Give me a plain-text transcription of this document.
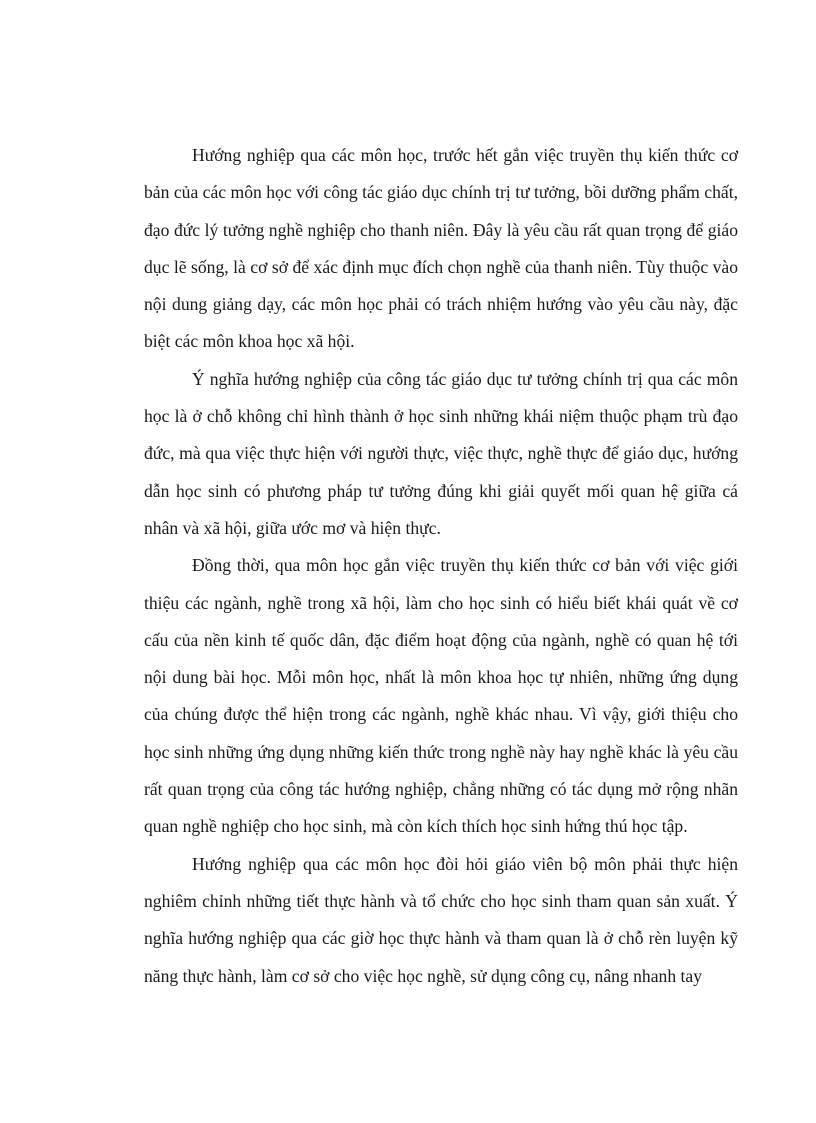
Hướng nghiệp qua các môn học, trước hết gắn việc truyền thụ kiến thức cơ bản của các môn học với công tác giáo dục chính trị tư tưởng, bồi dưỡng phẩm chất, đạo đức lý tưởng nghề nghiệp cho thanh niên. Đây là yêu cầu rất quan trọng để giáo dục lẽ sống, là cơ sở để xác định mục đích chọn nghề của thanh niên. Tùy thuộc vào nội dung giảng dạy, các môn học phải có trách nhiệm hướng vào yêu cầu này, đặc biệt các môn khoa học xã hội.

Ý nghĩa hướng nghiệp của công tác giáo dục tư tưởng chính trị qua các môn học là ở chỗ không chỉ hình thành ở học sinh những khái niệm thuộc phạm trù đạo đức, mà qua việc thực hiện với người thực, việc thực, nghề thực để giáo dục, hướng dẫn học sinh có phương pháp tư tưởng đúng khi giải quyết mối quan hệ giữa cá nhân và xã hội, giữa ước mơ và hiện thực.

Đồng thời, qua môn học gắn việc truyền thụ kiến thức cơ bản với việc giới thiệu các ngành, nghề trong xã hội, làm cho học sinh có hiểu biết khái quát về cơ cấu của nền kinh tế quốc dân, đặc điểm hoạt động của ngành, nghề có quan hệ tới nội dung bài học. Mỗi môn học, nhất là môn khoa học tự nhiên, những ứng dụng của chúng được thể hiện trong các ngành, nghề khác nhau. Vì vậy, giới thiệu cho học sinh những ứng dụng những kiến thức trong nghề này hay nghề khác là yêu cầu rất quan trọng của công tác hướng nghiệp, chẳng những có tác dụng mở rộng nhãn quan nghề nghiệp cho học sinh, mà còn kích thích học sinh hứng thú học tập.

Hướng nghiệp qua các môn học đòi hỏi giáo viên bộ môn phải thực hiện nghiêm chỉnh những tiết thực hành và tổ chức cho học sinh tham quan sản xuất. Ý nghĩa hướng nghiệp qua các giờ học thực hành và tham quan là ở chỗ rèn luyện kỹ năng thực hành, làm cơ sở cho việc học nghề, sử dụng công cụ, nâng nhanh tay
